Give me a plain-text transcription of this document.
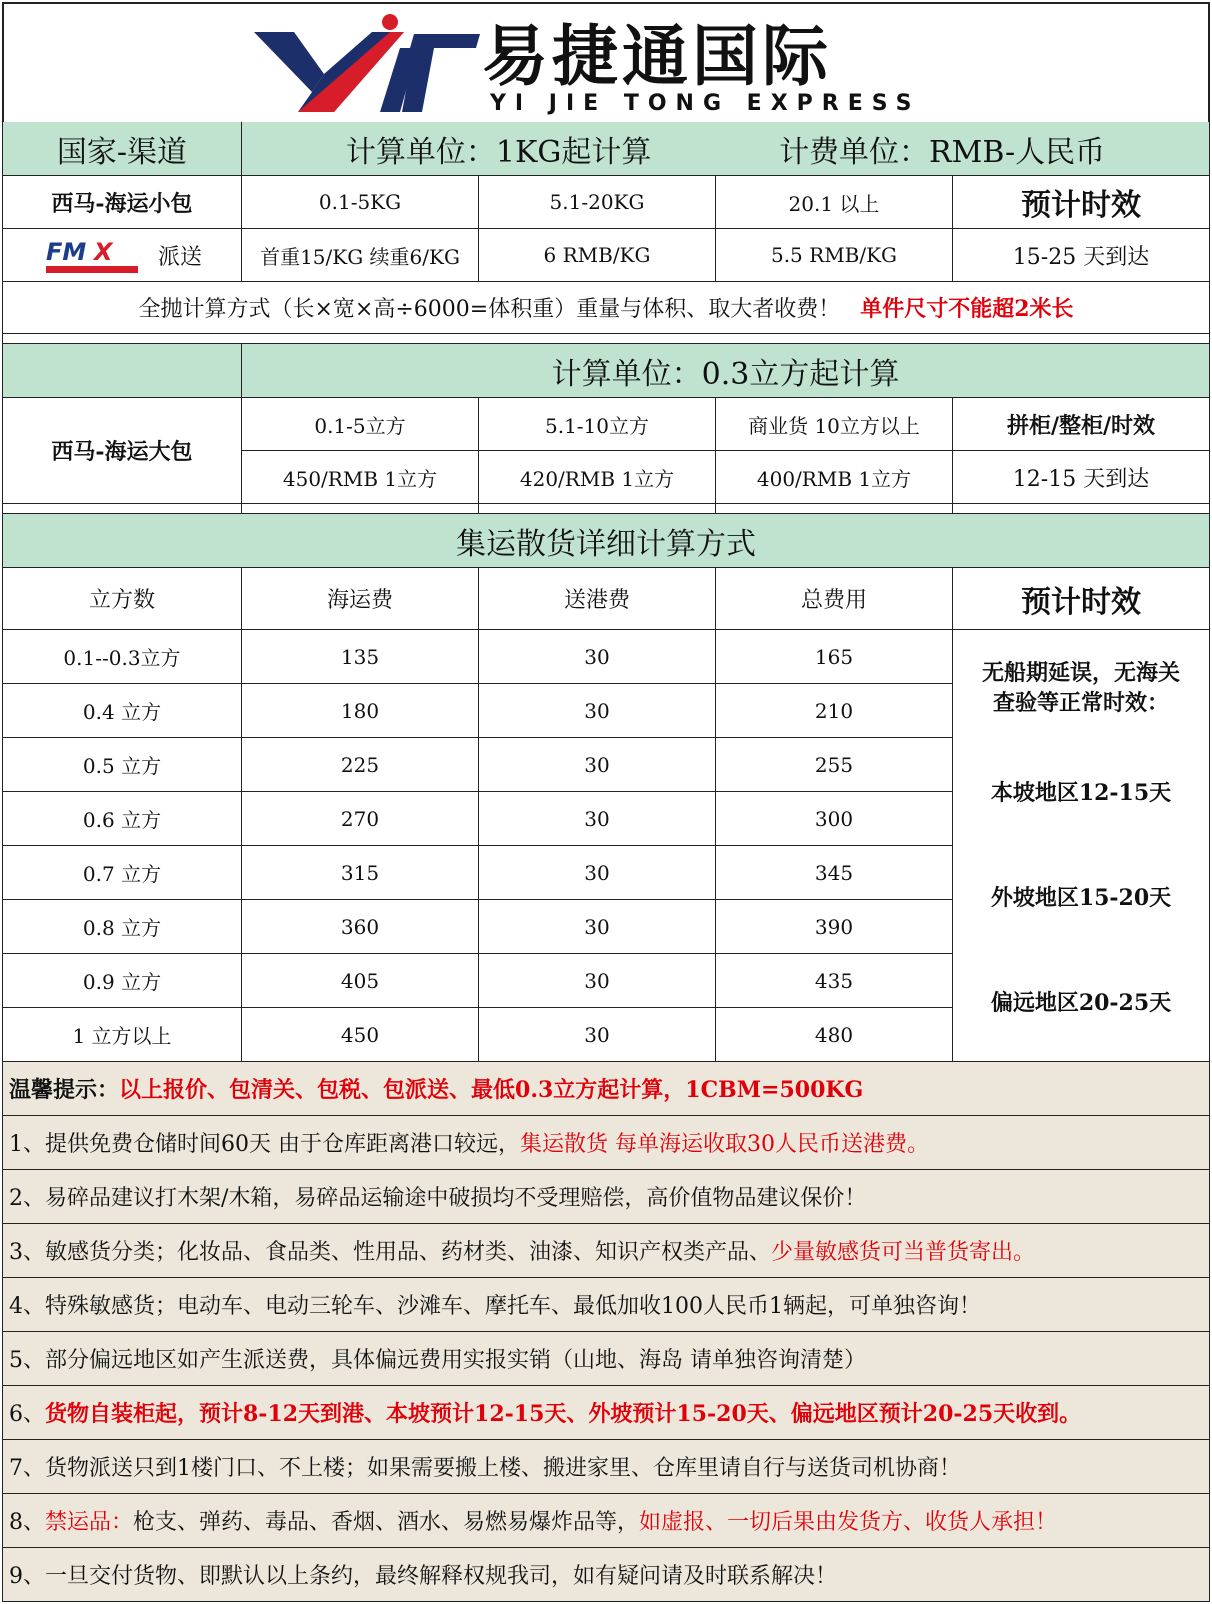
易捷通国际
YI JIE TONG EXPRESS
国家-渠道	计算单位：1KG起计算	计费单位：RMB-人民币
西马-海运小包	0.1-5KG	5.1-20KG	20.1 以上	预计时效
FM X 派送	首重15/KG 续重6/KG	6 RMB/KG	5.5 RMB/KG	15-25 天到达
全抛计算方式（长×宽×高÷6000=体积重）重量与体积、取大者收费！ 单件尺寸不能超2米长
计算单位：0.3立方起计算
西马-海运大包
0.1-5立方	5.1-10立方	商业货 10立方以上	拼柜/整柜/时效
450/RMB 1立方	420/RMB 1立方	400/RMB 1立方	12-15 天到达
集运散货详细计算方式
立方数	海运费	送港费	总费用	预计时效
0.1--0.3立方	135	30	165
0.4 立方	180	30	210
0.5 立方	225	30	255
0.6 立方	270	30	300
0.7 立方	315	30	345
0.8 立方	360	30	390
0.9 立方	405	30	435
1 立方以上	450	30	480
无船期延误，无海关
查验等正常时效：
本坡地区12-15天
外坡地区15-20天
偏远地区20-25天
温馨提示： 以上报价、包清关、包税、包派送、最低0.3立方起计算，1CBM=500KG
1、提供免费仓储时间60天 由于仓库距离港口较远， 集运散货 每单海运收取30人民币送港费。
2、易碎品建议打木架/木箱，易碎品运输途中破损均不受理赔偿，高价值物品建议保价！
3、敏感货分类；化妆品、食品类、性用品、药材类、油漆、知识产权类产品、 少量敏感货可当普货寄出。
4、特殊敏感货；电动车、电动三轮车、沙滩车、摩托车、最低加收100人民币1辆起，可单独咨询！
5、部分偏远地区如产生派送费，具体偏远费用实报实销（山地、海岛 请单独咨询清楚）
6、 货物自装柜起，预计8-12天到港、本坡预计12-15天、外坡预计15-20天、偏远地区预计20-25天收到。
7、货物派送只到1楼门口、不上楼；如果需要搬上楼、搬进家里、仓库里请自行与送货司机协商！
8、 禁运品： 枪支、弹药、毒品、香烟、酒水、易燃易爆炸品等， 如虚报、一切后果由发货方、收货人承担！
9、一旦交付货物、即默认以上条约，最终解释权规我司，如有疑问请及时联系解决！
